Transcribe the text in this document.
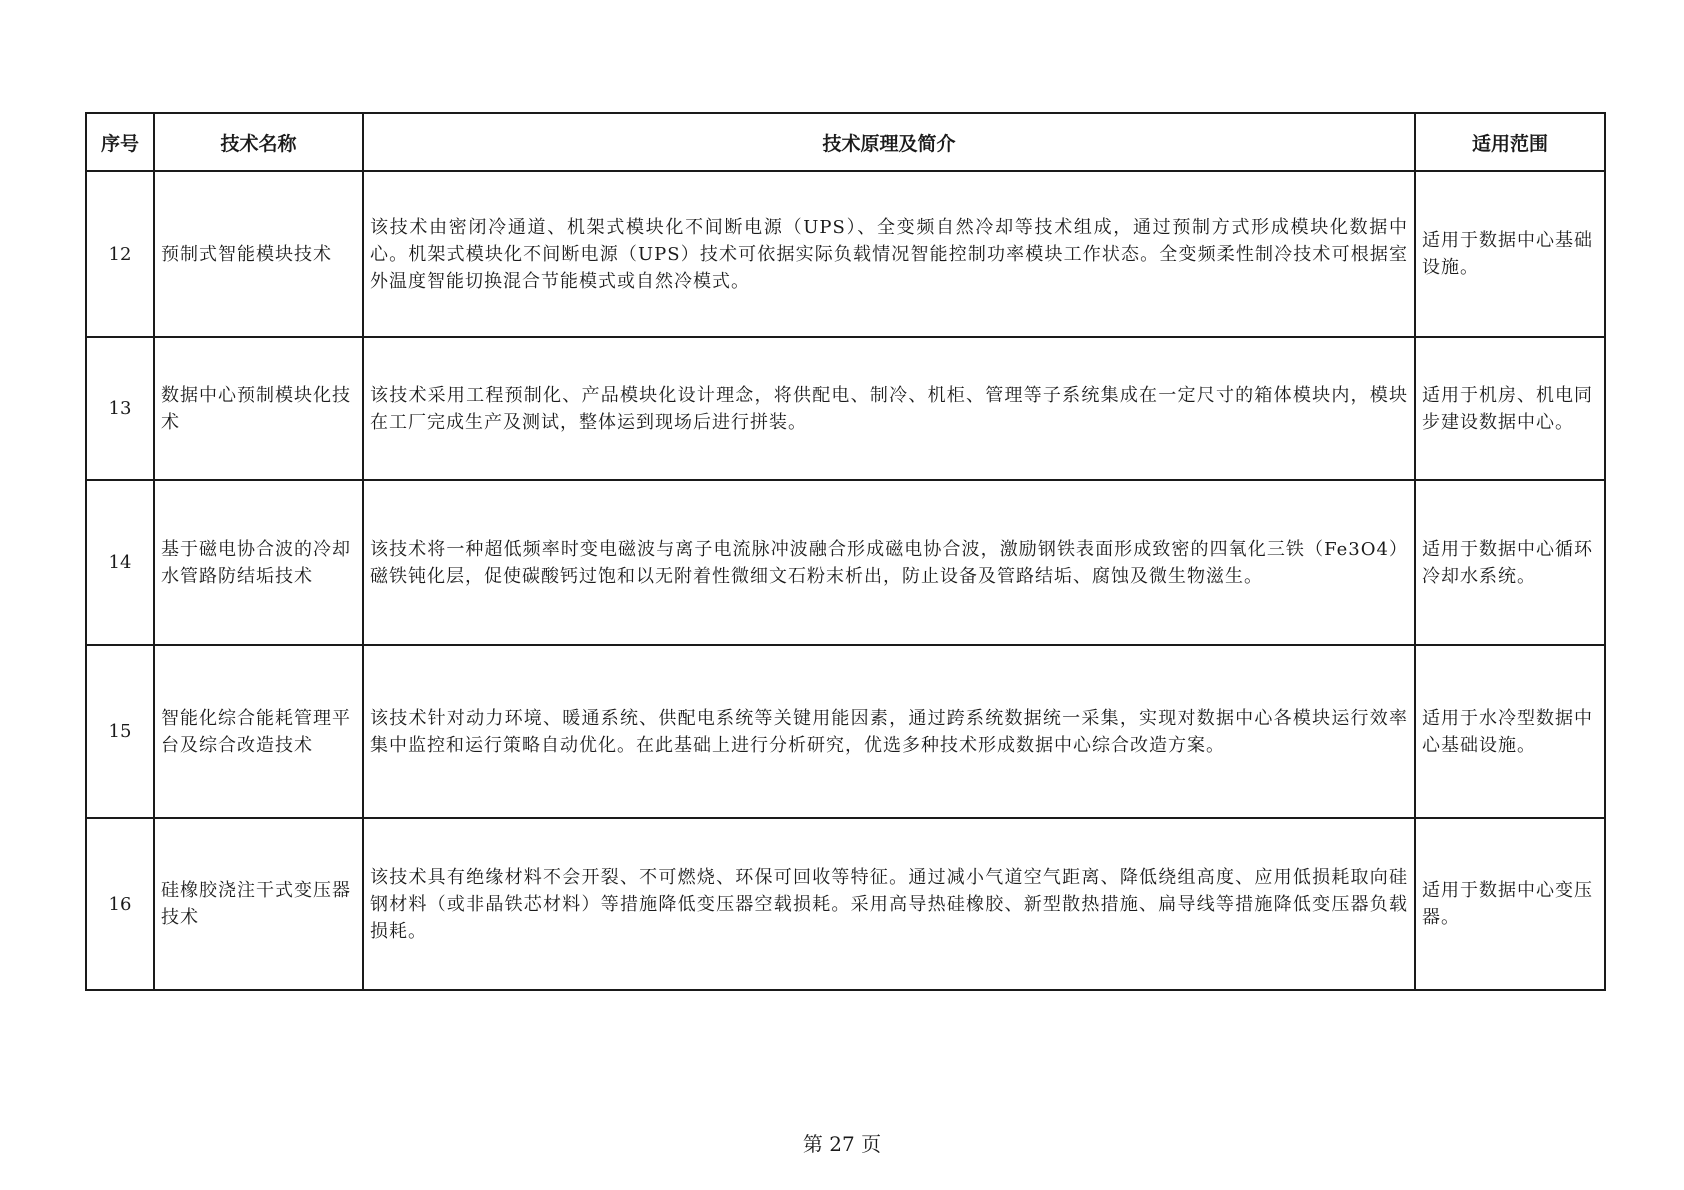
序号	技术名称	技术原理及简介	适用范围
12	预制式智能模块技术	该技术由密闭冷通道、机架式模块化不间断电源（UPS）、全变频自然冷却等技术组成，通过预制方式形成模块化数据中心。机架式模块化不间断电源（UPS）技术可依据实际负载情况智能控制功率模块工作状态。全变频柔性制冷技术可根据室外温度智能切换混合节能模式或自然冷模式。	适用于数据中心基础设施。
13	数据中心预制模块化技术	该技术采用工程预制化、产品模块化设计理念，将供配电、制冷、机柜、管理等子系统集成在一定尺寸的箱体模块内，模块在工厂完成生产及测试，整体运到现场后进行拼装。	适用于机房、机电同步建设数据中心。
14	基于磁电协合波的冷却水管路防结垢技术	该技术将一种超低频率时变电磁波与离子电流脉冲波融合形成磁电协合波，激励钢铁表面形成致密的四氧化三铁（Fe3O4）磁铁钝化层，促使碳酸钙过饱和以无附着性微细文石粉末析出，防止设备及管路结垢、腐蚀及微生物滋生。	适用于数据中心循环冷却水系统。
15	智能化综合能耗管理平台及综合改造技术	该技术针对动力环境、暖通系统、供配电系统等关键用能因素，通过跨系统数据统一采集，实现对数据中心各模块运行效率集中监控和运行策略自动优化。在此基础上进行分析研究，优选多种技术形成数据中心综合改造方案。	适用于水冷型数据中心基础设施。
16	硅橡胶浇注干式变压器技术	该技术具有绝缘材料不会开裂、不可燃烧、环保可回收等特征。通过减小气道空气距离、降低绕组高度、应用低损耗取向硅钢材料（或非晶铁芯材料）等措施降低变压器空载损耗。采用高导热硅橡胶、新型散热措施、扁导线等措施降低变压器负载损耗。	适用于数据中心变压器。
第 27 页
